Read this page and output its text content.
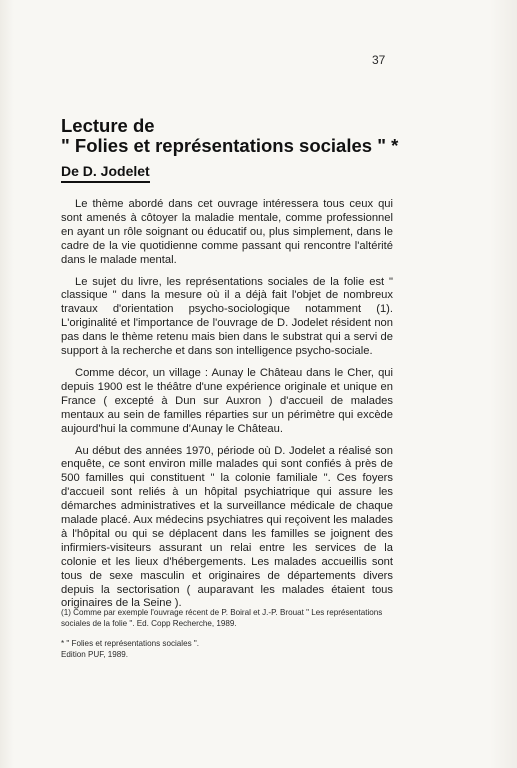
37
Lecture de
" Folies et représentations sociales " *
De D. Jodelet

Le thème abordé dans cet ouvrage intéressera tous ceux qui sont amenés à côtoyer la maladie mentale, comme professionnel en ayant un rôle soignant ou éducatif ou, plus simplement, dans le cadre de la vie quotidienne comme passant qui rencontre l'altérité dans le malade mental.

Le sujet du livre, les représentations sociales de la folie est " classique " dans la mesure où il a déjà fait l'objet de nombreux travaux d'orientation psycho-sociologique notamment (1). L'originalité et l'importance de l'ouvrage de D. Jodelet résident non pas dans le thème retenu mais bien dans le substrat qui a servi de support à la recherche et dans son intelligence psycho-sociale.

Comme décor, un village : Aunay le Château dans le Cher, qui depuis 1900 est le théâtre d'une expérience originale et unique en France ( excepté à Dun sur Auxron ) d'accueil de malades mentaux au sein de familles réparties sur un périmètre qui excède aujourd'hui la commune d'Aunay le Château.

Au début des années 1970, période où D. Jodelet a réalisé son enquête, ce sont environ mille malades qui sont confiés à près de 500 familles qui constituent " la colonie familiale ". Ces foyers d'accueil sont reliés à un hôpital psychiatrique qui assure les démarches administratives et la surveillance médicale de chaque malade placé. Aux médecins psychiatres qui reçoivent les malades à l'hôpital ou qui se déplacent dans les familles se joignent des infirmiers-visiteurs assurant un relai entre les services de la colonie et les lieux d'hébergements. Les malades accueillis sont tous de sexe masculin et originaires de départements divers depuis la sectorisation ( auparavant les malades étaient tous originaires de la Seine ).

(1) Comme par exemple l'ouvrage récent de P. Boiral et J.-P. Brouat " Les représentations sociales de la folie ". Ed. Copp Recherche, 1989.

* " Folies et représentations sociales ".
Edition PUF, 1989.
